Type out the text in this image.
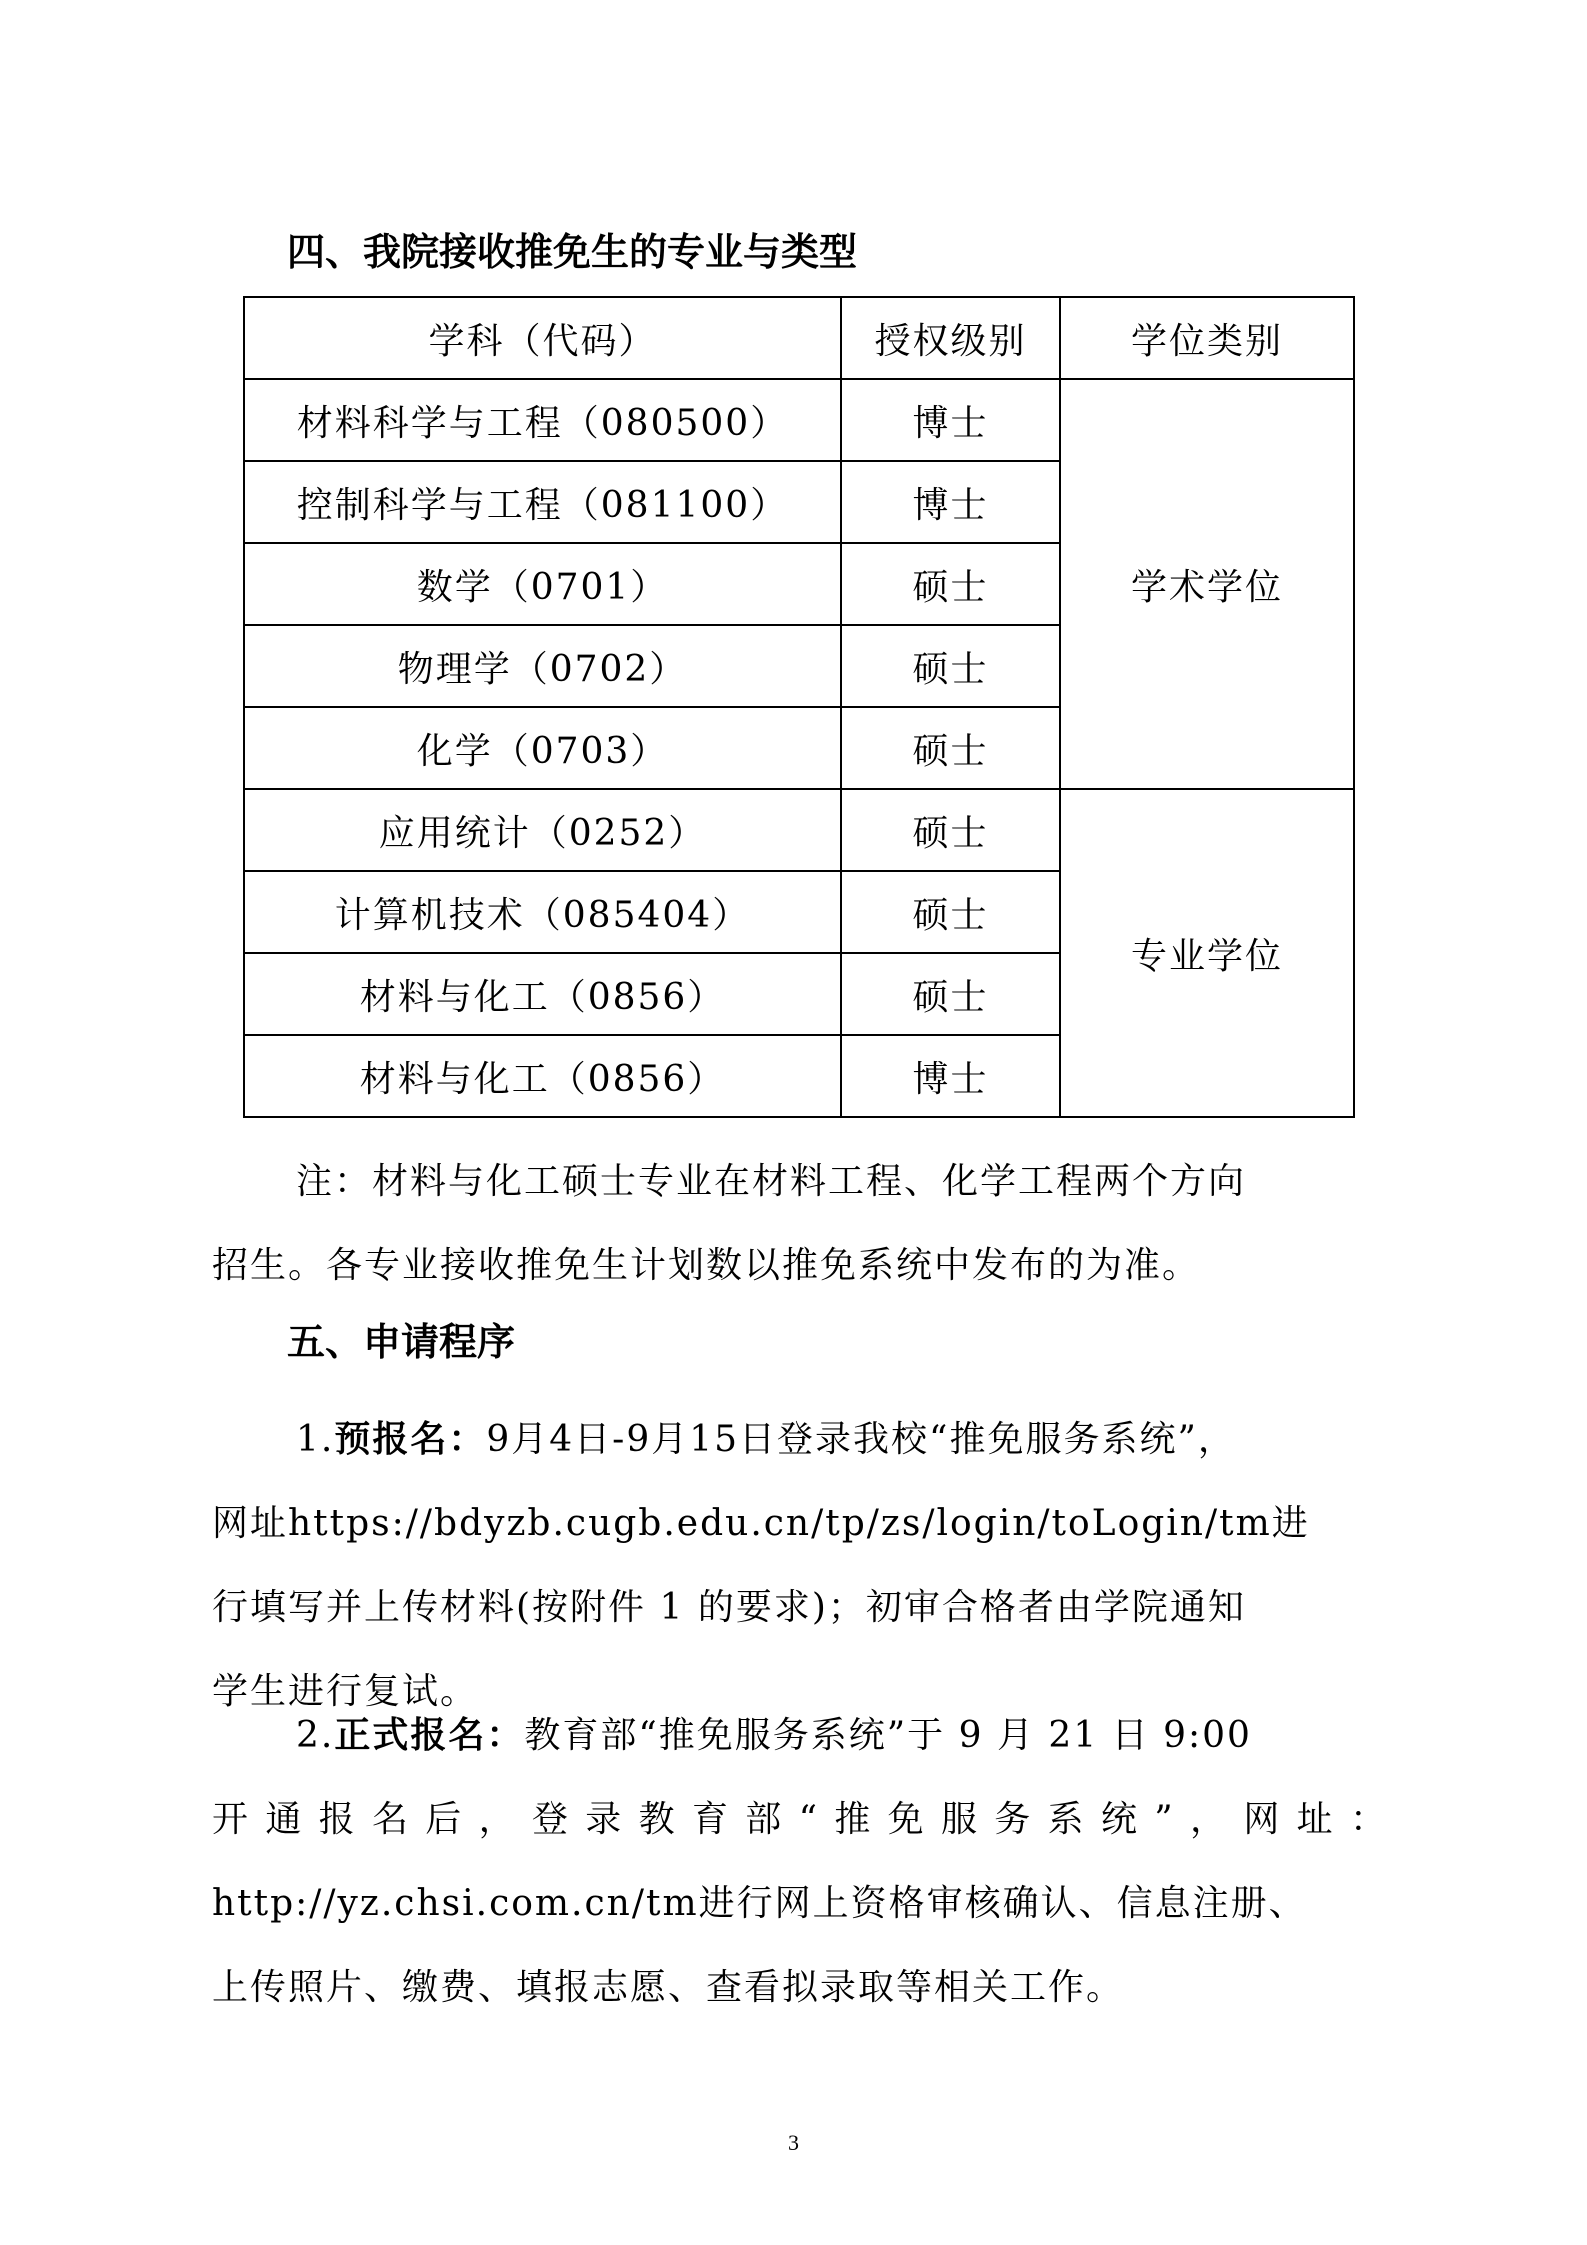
四、我院接收推免生的专业与类型
学科（代码）	授权级别	学位类别
材料科学与工程（080500）	博士	学术学位
控制科学与工程（081100）	博士	
数学（0701）	硕士	
物理学（0702）	硕士	
化学（0703）	硕士	
应用统计（0252）	硕士	专业学位
计算机技术（085404）	硕士	
材料与化工（0856）	硕士	
材料与化工（0856）	博士	
注：材料与化工硕士专业在材料工程、化学工程两个方向
招生。各专业接收推免生计划数以推免系统中发布的为准。
五、申请程序
1.预报名：9月4日-9月15日登录我校“推免服务系统”，
网址https://bdyzb.cugb.edu.cn/tp/zs/login/toLogin/tm进
行填写并上传材料(按附件 1 的要求)；初审合格者由学院通知
学生进行复试。
2.正式报名：教育部“推免服务系统”于 9 月 21 日 9:00
开通报名后，登录教育部“推免服务系统”，网址：
http://yz.chsi.com.cn/tm进行网上资格审核确认、信息注册、
上传照片、缴费、填报志愿、查看拟录取等相关工作。
3
